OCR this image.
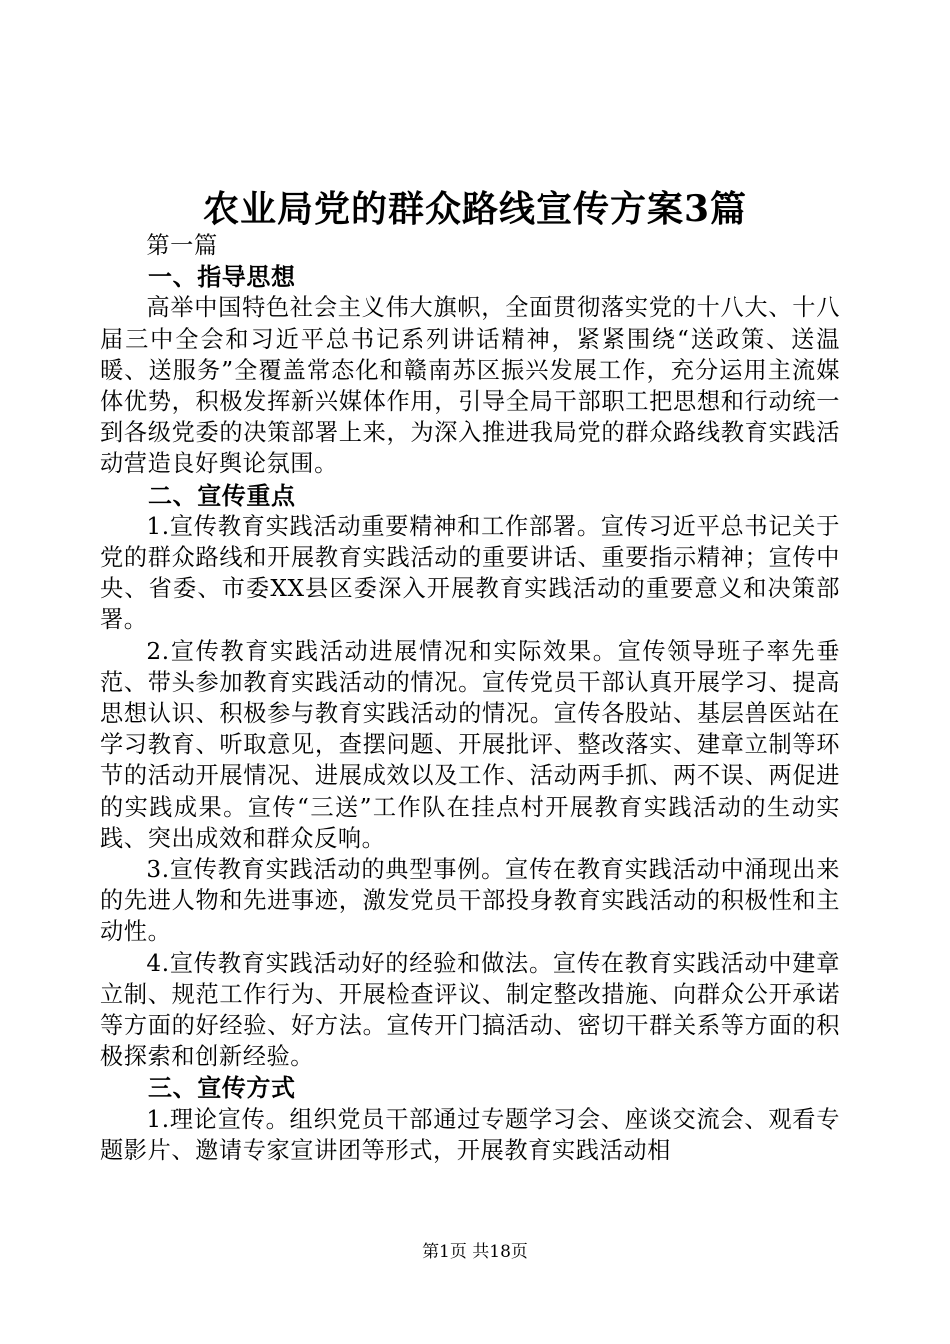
农业局党的群众路线宣传方案3篇

第一篇

一、指导思想

高举中国特色社会主义伟大旗帜，全面贯彻落实党的十八大、十八届三中全会和习近平总书记系列讲话精神，紧紧围绕“送政策、送温暖、送服务”全覆盖常态化和赣南苏区振兴发展工作，充分运用主流媒体优势，积极发挥新兴媒体作用，引导全局干部职工把思想和行动统一到各级党委的决策部署上来，为深入推进我局党的群众路线教育实践活动营造良好舆论氛围。

二、宣传重点

1.宣传教育实践活动重要精神和工作部署。宣传习近平总书记关于党的群众路线和开展教育实践活动的重要讲话、重要指示精神；宣传中央、省委、市委XX县区委深入开展教育实践活动的重要意义和决策部署。

2.宣传教育实践活动进展情况和实际效果。宣传领导班子率先垂范、带头参加教育实践活动的情况。宣传党员干部认真开展学习、提高思想认识、积极参与教育实践活动的情况。宣传各股站、基层兽医站在学习教育、听取意见，查摆问题、开展批评、整改落实、建章立制等环节的活动开展情况、进展成效以及工作、活动两手抓、两不误、两促进的实践成果。宣传“三送”工作队在挂点村开展教育实践活动的生动实践、突出成效和群众反响。

3.宣传教育实践活动的典型事例。宣传在教育实践活动中涌现出来的先进人物和先进事迹，激发党员干部投身教育实践活动的积极性和主动性。

4.宣传教育实践活动好的经验和做法。宣传在教育实践活动中建章立制、规范工作行为、开展检查评议、制定整改措施、向群众公开承诺等方面的好经验、好方法。宣传开门搞活动、密切干群关系等方面的积极探索和创新经验。

三、宣传方式

1.理论宣传。组织党员干部通过专题学习会、座谈交流会、观看专题影片、邀请专家宣讲团等形式，开展教育实践活动相

第1页 共18页
